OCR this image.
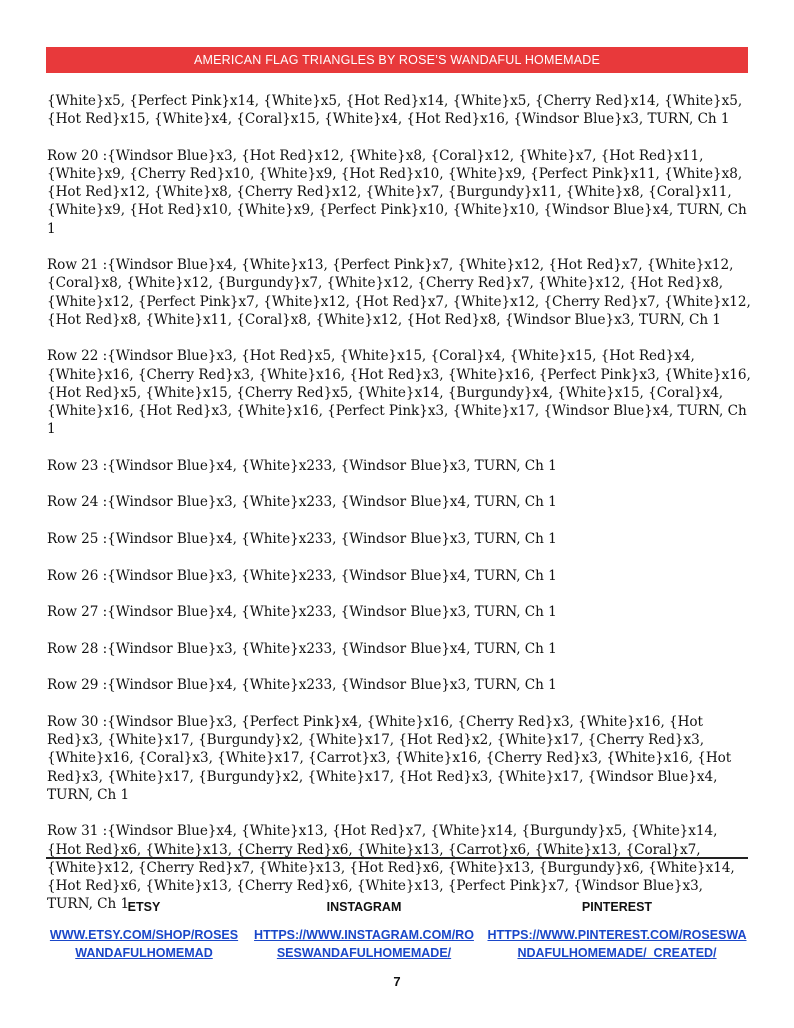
AMERICAN FLAG TRIANGLES BY ROSE’S WANDAFUL HOMEMADE

{White}x5, {Perfect Pink}x14, {White}x5, {Hot Red}x14, {White}x5, {Cherry Red}x14, {White}x5, {Hot Red}x15, {White}x4, {Coral}x15, {White}x4, {Hot Red}x16, {Windsor Blue}x3, TURN, Ch 1

Row 20 :{Windsor Blue}x3, {Hot Red}x12, {White}x8, {Coral}x12, {White}x7, {Hot Red}x11, {White}x9, {Cherry Red}x10, {White}x9, {Hot Red}x10, {White}x9, {Perfect Pink}x11, {White}x8, {Hot Red}x12, {White}x8, {Cherry Red}x12, {White}x7, {Burgundy}x11, {White}x8, {Coral}x11, {White}x9, {Hot Red}x10, {White}x9, {Perfect Pink}x10, {White}x10, {Windsor Blue}x4, TURN, Ch 1

Row 21 :{Windsor Blue}x4, {White}x13, {Perfect Pink}x7, {White}x12, {Hot Red}x7, {White}x12, {Coral}x8, {White}x12, {Burgundy}x7, {White}x12, {Cherry Red}x7, {White}x12, {Hot Red}x8, {White}x12, {Perfect Pink}x7, {White}x12, {Hot Red}x7, {White}x12, {Cherry Red}x7, {White}x12, {Hot Red}x8, {White}x11, {Coral}x8, {White}x12, {Hot Red}x8, {Windsor Blue}x3, TURN, Ch 1

Row 22 :{Windsor Blue}x3, {Hot Red}x5, {White}x15, {Coral}x4, {White}x15, {Hot Red}x4, {White}x16, {Cherry Red}x3, {White}x16, {Hot Red}x3, {White}x16, {Perfect Pink}x3, {White}x16, {Hot Red}x5, {White}x15, {Cherry Red}x5, {White}x14, {Burgundy}x4, {White}x15, {Coral}x4, {White}x16, {Hot Red}x3, {White}x16, {Perfect Pink}x3, {White}x17, {Windsor Blue}x4, TURN, Ch 1

Row 23 :{Windsor Blue}x4, {White}x233, {Windsor Blue}x3, TURN, Ch 1

Row 24 :{Windsor Blue}x3, {White}x233, {Windsor Blue}x4, TURN, Ch 1

Row 25 :{Windsor Blue}x4, {White}x233, {Windsor Blue}x3, TURN, Ch 1

Row 26 :{Windsor Blue}x3, {White}x233, {Windsor Blue}x4, TURN, Ch 1

Row 27 :{Windsor Blue}x4, {White}x233, {Windsor Blue}x3, TURN, Ch 1

Row 28 :{Windsor Blue}x3, {White}x233, {Windsor Blue}x4, TURN, Ch 1

Row 29 :{Windsor Blue}x4, {White}x233, {Windsor Blue}x3, TURN, Ch 1

Row 30 :{Windsor Blue}x3, {Perfect Pink}x4, {White}x16, {Cherry Red}x3, {White}x16, {Hot Red}x3, {White}x17, {Burgundy}x2, {White}x17, {Hot Red}x2, {White}x17, {Cherry Red}x3, {White}x16, {Coral}x3, {White}x17, {Carrot}x3, {White}x16, {Cherry Red}x3, {White}x16, {Hot Red}x3, {White}x17, {Burgundy}x2, {White}x17, {Hot Red}x3, {White}x17, {Windsor Blue}x4, TURN, Ch 1

Row 31 :{Windsor Blue}x4, {White}x13, {Hot Red}x7, {White}x14, {Burgundy}x5, {White}x14, {Hot Red}x6, {White}x13, {Cherry Red}x6, {White}x13, {Carrot}x6, {White}x13, {Coral}x7, {White}x12, {Cherry Red}x7, {White}x13, {Hot Red}x6, {White}x13, {Burgundy}x6, {White}x14, {Hot Red}x6, {White}x13, {Cherry Red}x6, {White}x13, {Perfect Pink}x7, {Windsor Blue}x3, TURN, Ch 1

ETSY
WWW.ETSY.COM/SHOP/ROSESWANDAFULHOMEMAD
INSTAGRAM
HTTPS://WWW.INSTAGRAM.COM/ROSESWANDAFULHOMEMADE/
PINTEREST
HTTPS://WWW.PINTEREST.COM/ROSESWANDAFULHOMEMADE/_CREATED/
7
